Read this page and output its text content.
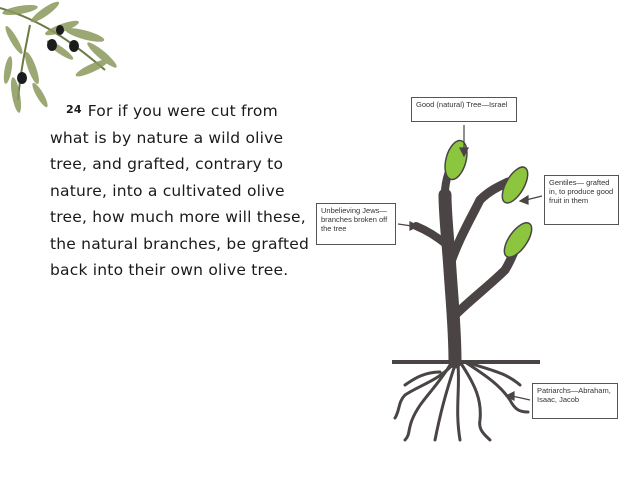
24 For if you were cut from what is by nature a wild olive tree, and grafted, contrary to nature, into a cultivated olive tree, how much more will these, the natural branches, be grafted back into their own olive tree.
Good (natural) Tree—Israel
Unbelieving Jews— branches broken off the tree
Gentiles— grafted in, to produce good fruit in them
Patriarchs—Abraham, Isaac, Jacob
